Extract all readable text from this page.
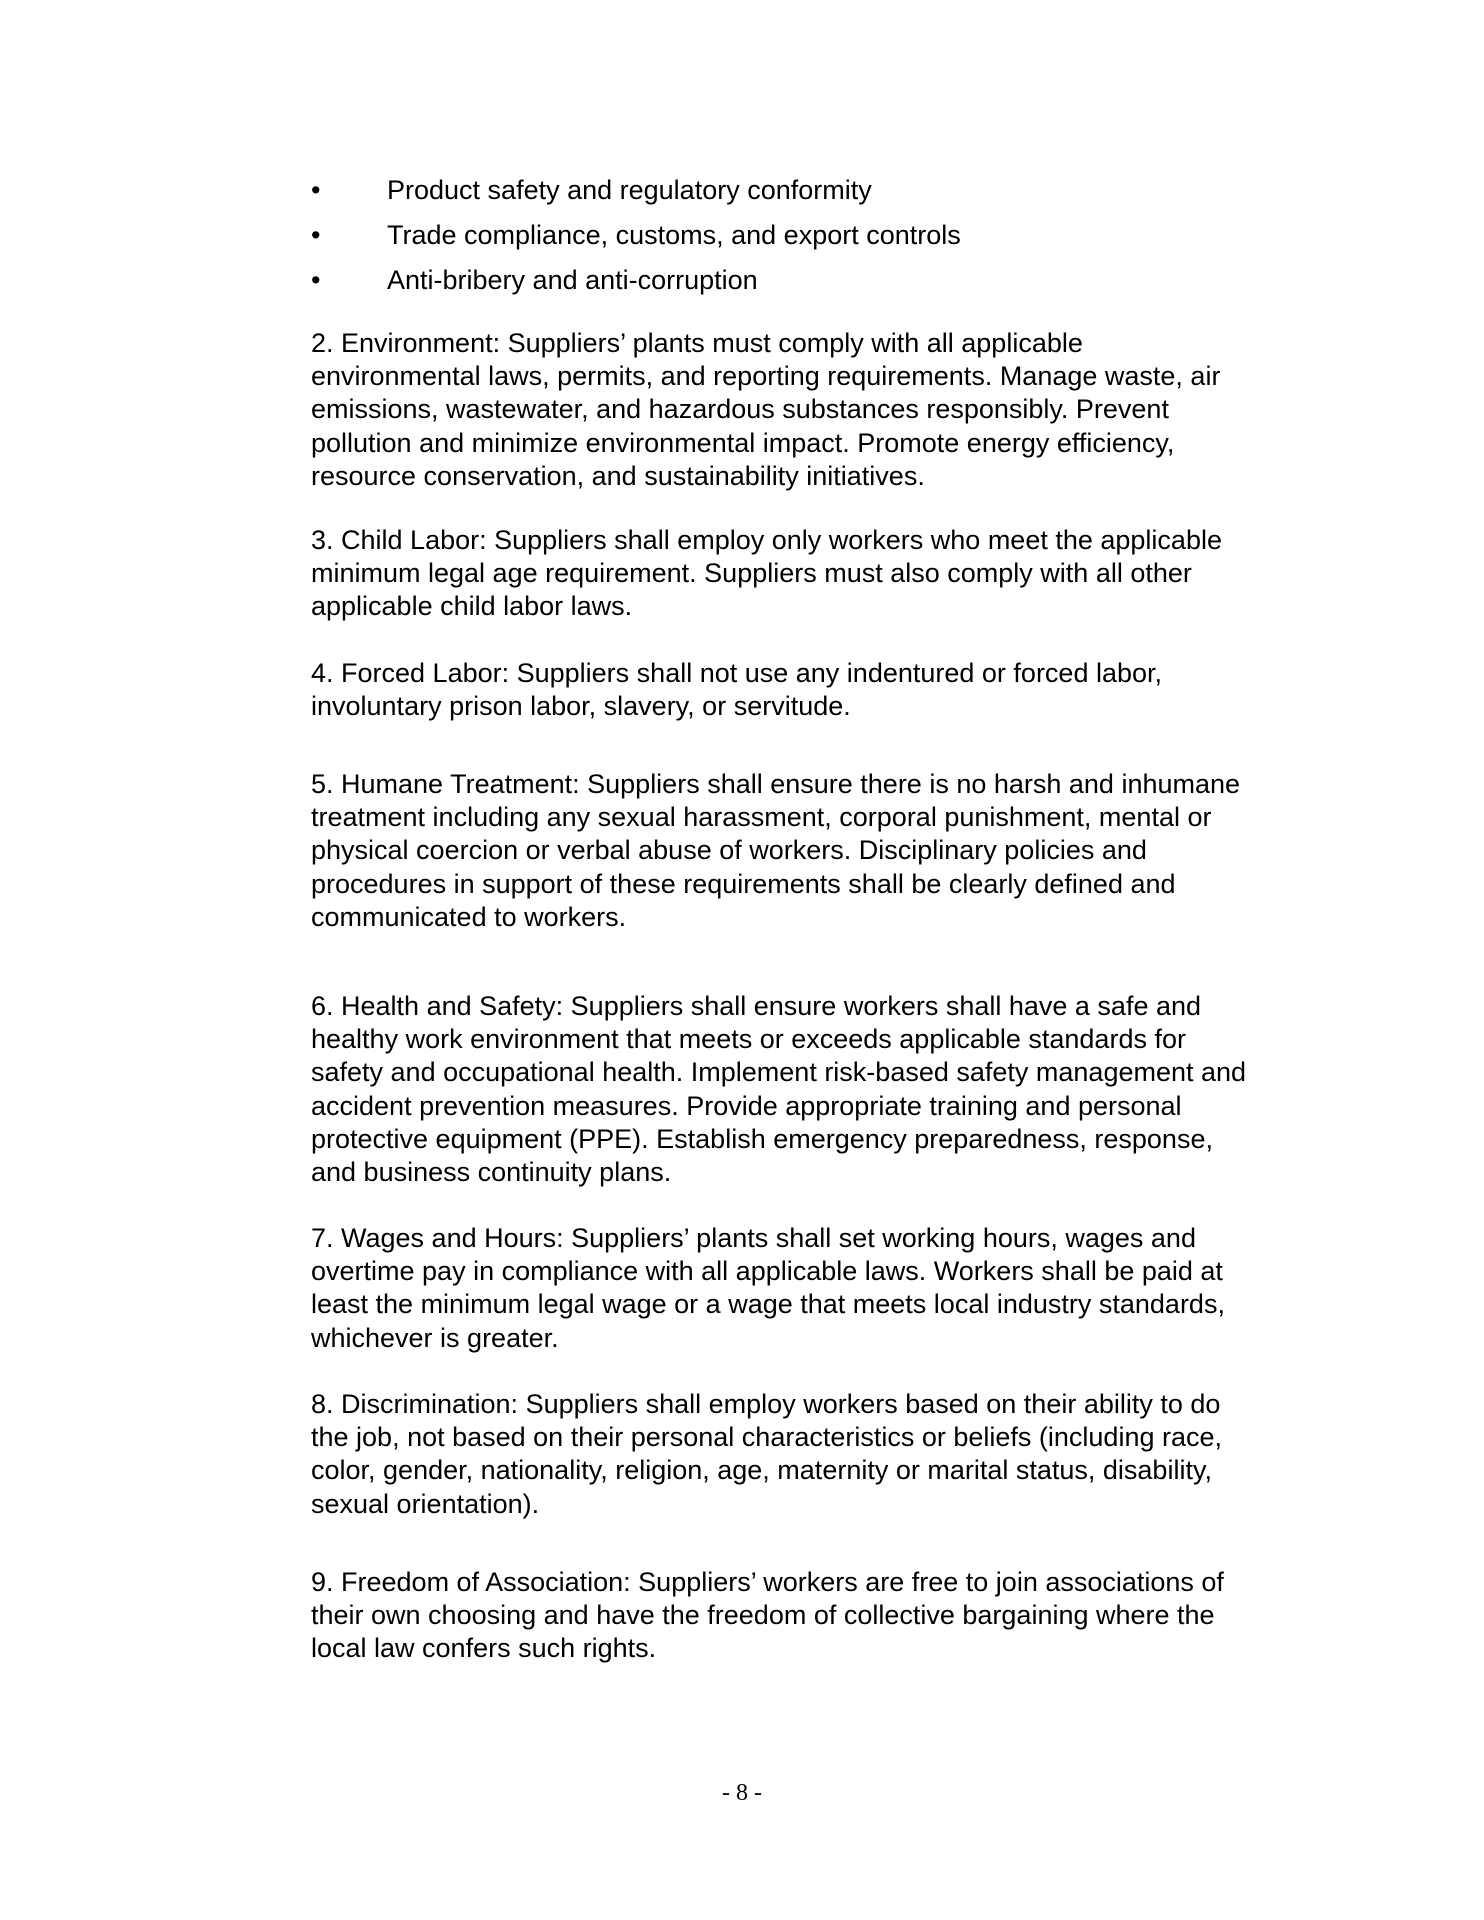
•	Product safety and regulatory conformity
•	Trade compliance, customs, and export controls
•	Anti-bribery and anti-corruption

2. Environment: Suppliers’ plants must comply with all applicable environmental laws, permits, and reporting requirements. Manage waste, air emissions, wastewater, and hazardous substances responsibly. Prevent pollution and minimize environmental impact. Promote energy efficiency, resource conservation, and sustainability initiatives.

3. Child Labor: Suppliers shall employ only workers who meet the applicable minimum legal age requirement. Suppliers must also comply with all other applicable child labor laws.

4. Forced Labor: Suppliers shall not use any indentured or forced labor, involuntary prison labor, slavery, or servitude.

5. Humane Treatment: Suppliers shall ensure there is no harsh and inhumane treatment including any sexual harassment, corporal punishment, mental or physical coercion or verbal abuse of workers. Disciplinary policies and procedures in support of these requirements shall be clearly defined and communicated to workers.

6. Health and Safety: Suppliers shall ensure workers shall have a safe and healthy work environment that meets or exceeds applicable standards for safety and occupational health. Implement risk-based safety management and accident prevention measures. Provide appropriate training and personal protective equipment (PPE). Establish emergency preparedness, response, and business continuity plans.

7. Wages and Hours: Suppliers’ plants shall set working hours, wages and overtime pay in compliance with all applicable laws. Workers shall be paid at least the minimum legal wage or a wage that meets local industry standards, whichever is greater.

8. Discrimination: Suppliers shall employ workers based on their ability to do the job, not based on their personal characteristics or beliefs (including race, color, gender, nationality, religion, age, maternity or marital status, disability, sexual orientation).

9. Freedom of Association: Suppliers’ workers are free to join associations of their own choosing and have the freedom of collective bargaining where the local law confers such rights.

- 8 -
